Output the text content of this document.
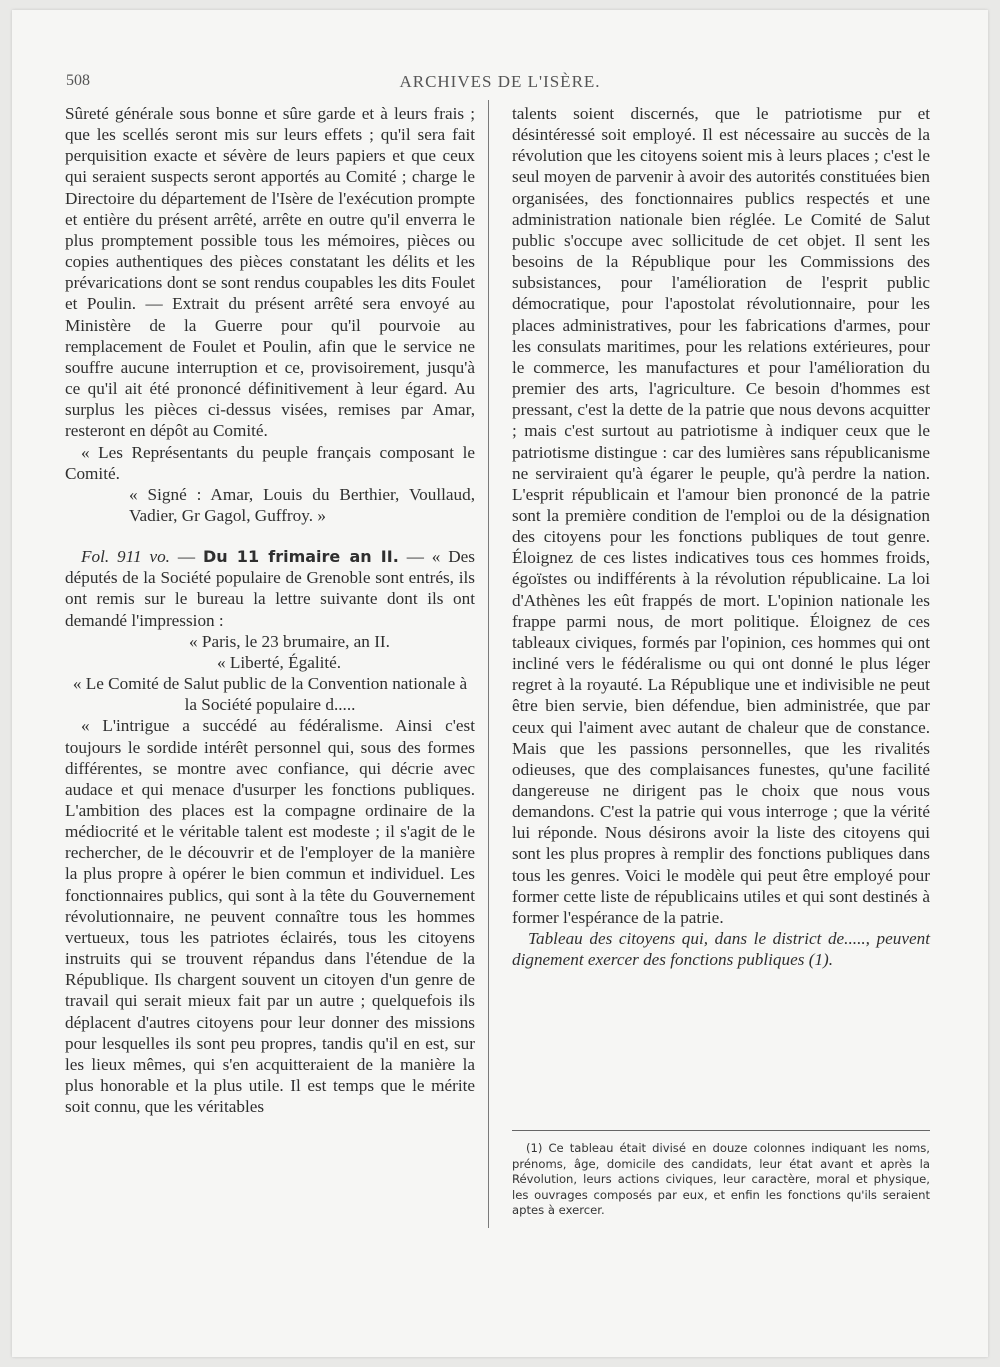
508	ARCHIVES DE L'ISÈRE.

Sûreté générale sous bonne et sûre garde et à leurs frais ; que les scellés seront mis sur leurs effets ; qu'il sera fait perquisition exacte et sévère de leurs papiers et que ceux qui seraient suspects seront apportés au Comité ; charge le Directoire du département de l'Isère de l'exécution prompte et entière du présent arrêté, arrête en outre qu'il enverra le plus promptement possible tous les mémoires, pièces ou copies authentiques des pièces constatant les délits et les prévarications dont se sont rendus coupables les dits Foulet et Poulin. — Extrait du présent arrêté sera envoyé au Ministère de la Guerre pour qu'il pourvoie au remplacement de Foulet et Poulin, afin que le service ne souffre aucune interruption et ce, provisoirement, jusqu'à ce qu'il ait été prononcé définitivement à leur égard. Au surplus les pièces ci-dessus visées, remises par Amar, resteront en dépôt au Comité.

« Les Représentants du peuple français composant le Comité.

« Signé : Amar, Louis du Berthier, Voullaud, Vadier, Gr Gagol, Guffroy. »

Fol. 911 vo. — Du 11 frimaire an II. — « Des députés de la Société populaire de Grenoble sont entrés, ils ont remis sur le bureau la lettre suivante dont ils ont demandé l'impression :

« Paris, le 23 brumaire, an II.

« Liberté, Égalité.

« Le Comité de Salut public de la Convention nationale à la Société populaire d.....

« L'intrigue a succédé au fédéralisme. Ainsi c'est toujours le sordide intérêt personnel qui, sous des formes différentes, se montre avec confiance, qui décrie avec audace et qui menace d'usurper les fonctions publiques. L'ambition des places est la compagne ordinaire de la médiocrité et le véritable talent est modeste ; il s'agit de le rechercher, de le découvrir et de l'employer de la manière la plus propre à opérer le bien commun et individuel. Les fonctionnaires publics, qui sont à la tête du Gouvernement révolutionnaire, ne peuvent connaître tous les hommes vertueux, tous les patriotes éclairés, tous les citoyens instruits qui se trouvent répandus dans l'étendue de la République. Ils chargent souvent un citoyen d'un genre de travail qui serait mieux fait par un autre ; quelquefois ils déplacent d'autres citoyens pour leur donner des missions pour lesquelles ils sont peu propres, tandis qu'il en est, sur les lieux mêmes, qui s'en acquitteraient de la manière la plus honorable et la plus utile. Il est temps que le mérite soit connu, que les véritables

talents soient discernés, que le patriotisme pur et désintéressé soit employé. Il est nécessaire au succès de la révolution que les citoyens soient mis à leurs places ; c'est le seul moyen de parvenir à avoir des autorités constituées bien organisées, des fonctionnaires publics respectés et une administration nationale bien réglée. Le Comité de Salut public s'occupe avec sollicitude de cet objet. Il sent les besoins de la République pour les Commissions des subsistances, pour l'amélioration de l'esprit public démocratique, pour l'apostolat révolutionnaire, pour les places administratives, pour les fabrications d'armes, pour les consulats maritimes, pour les relations extérieures, pour le commerce, les manufactures et pour l'amélioration du premier des arts, l'agriculture. Ce besoin d'hommes est pressant, c'est la dette de la patrie que nous devons acquitter ; mais c'est surtout au patriotisme à indiquer ceux que le patriotisme distingue : car des lumières sans républicanisme ne serviraient qu'à égarer le peuple, qu'à perdre la nation. L'esprit républicain et l'amour bien prononcé de la patrie sont la première condition de l'emploi ou de la désignation des citoyens pour les fonctions publiques de tout genre. Éloignez de ces listes indicatives tous ces hommes froids, égoïstes ou indifférents à la révolution républicaine. La loi d'Athènes les eût frappés de mort. L'opinion nationale les frappe parmi nous, de mort politique. Éloignez de ces tableaux civiques, formés par l'opinion, ces hommes qui ont incliné vers le fédéralisme ou qui ont donné le plus léger regret à la royauté. La République une et indivisible ne peut être bien servie, bien défendue, bien administrée, que par ceux qui l'aiment avec autant de chaleur que de constance. Mais que les passions personnelles, que les rivalités odieuses, que des complaisances funestes, qu'une facilité dangereuse ne dirigent pas le choix que nous vous demandons. C'est la patrie qui vous interroge ; que la vérité lui réponde. Nous désirons avoir la liste des citoyens qui sont les plus propres à remplir des fonctions publiques dans tous les genres. Voici le modèle qui peut être employé pour former cette liste de républicains utiles et qui sont destinés à former l'espérance de la patrie.

Tableau des citoyens qui, dans le district de....., peuvent dignement exercer des fonctions publiques (1).

(1) Ce tableau était divisé en douze colonnes indiquant les noms, prénoms, âge, domicile des candidats, leur état avant et après la Révolution, leurs actions civiques, leur caractère, moral et physique, les ouvrages composés par eux, et enfin les fonctions qu'ils seraient aptes à exercer.
